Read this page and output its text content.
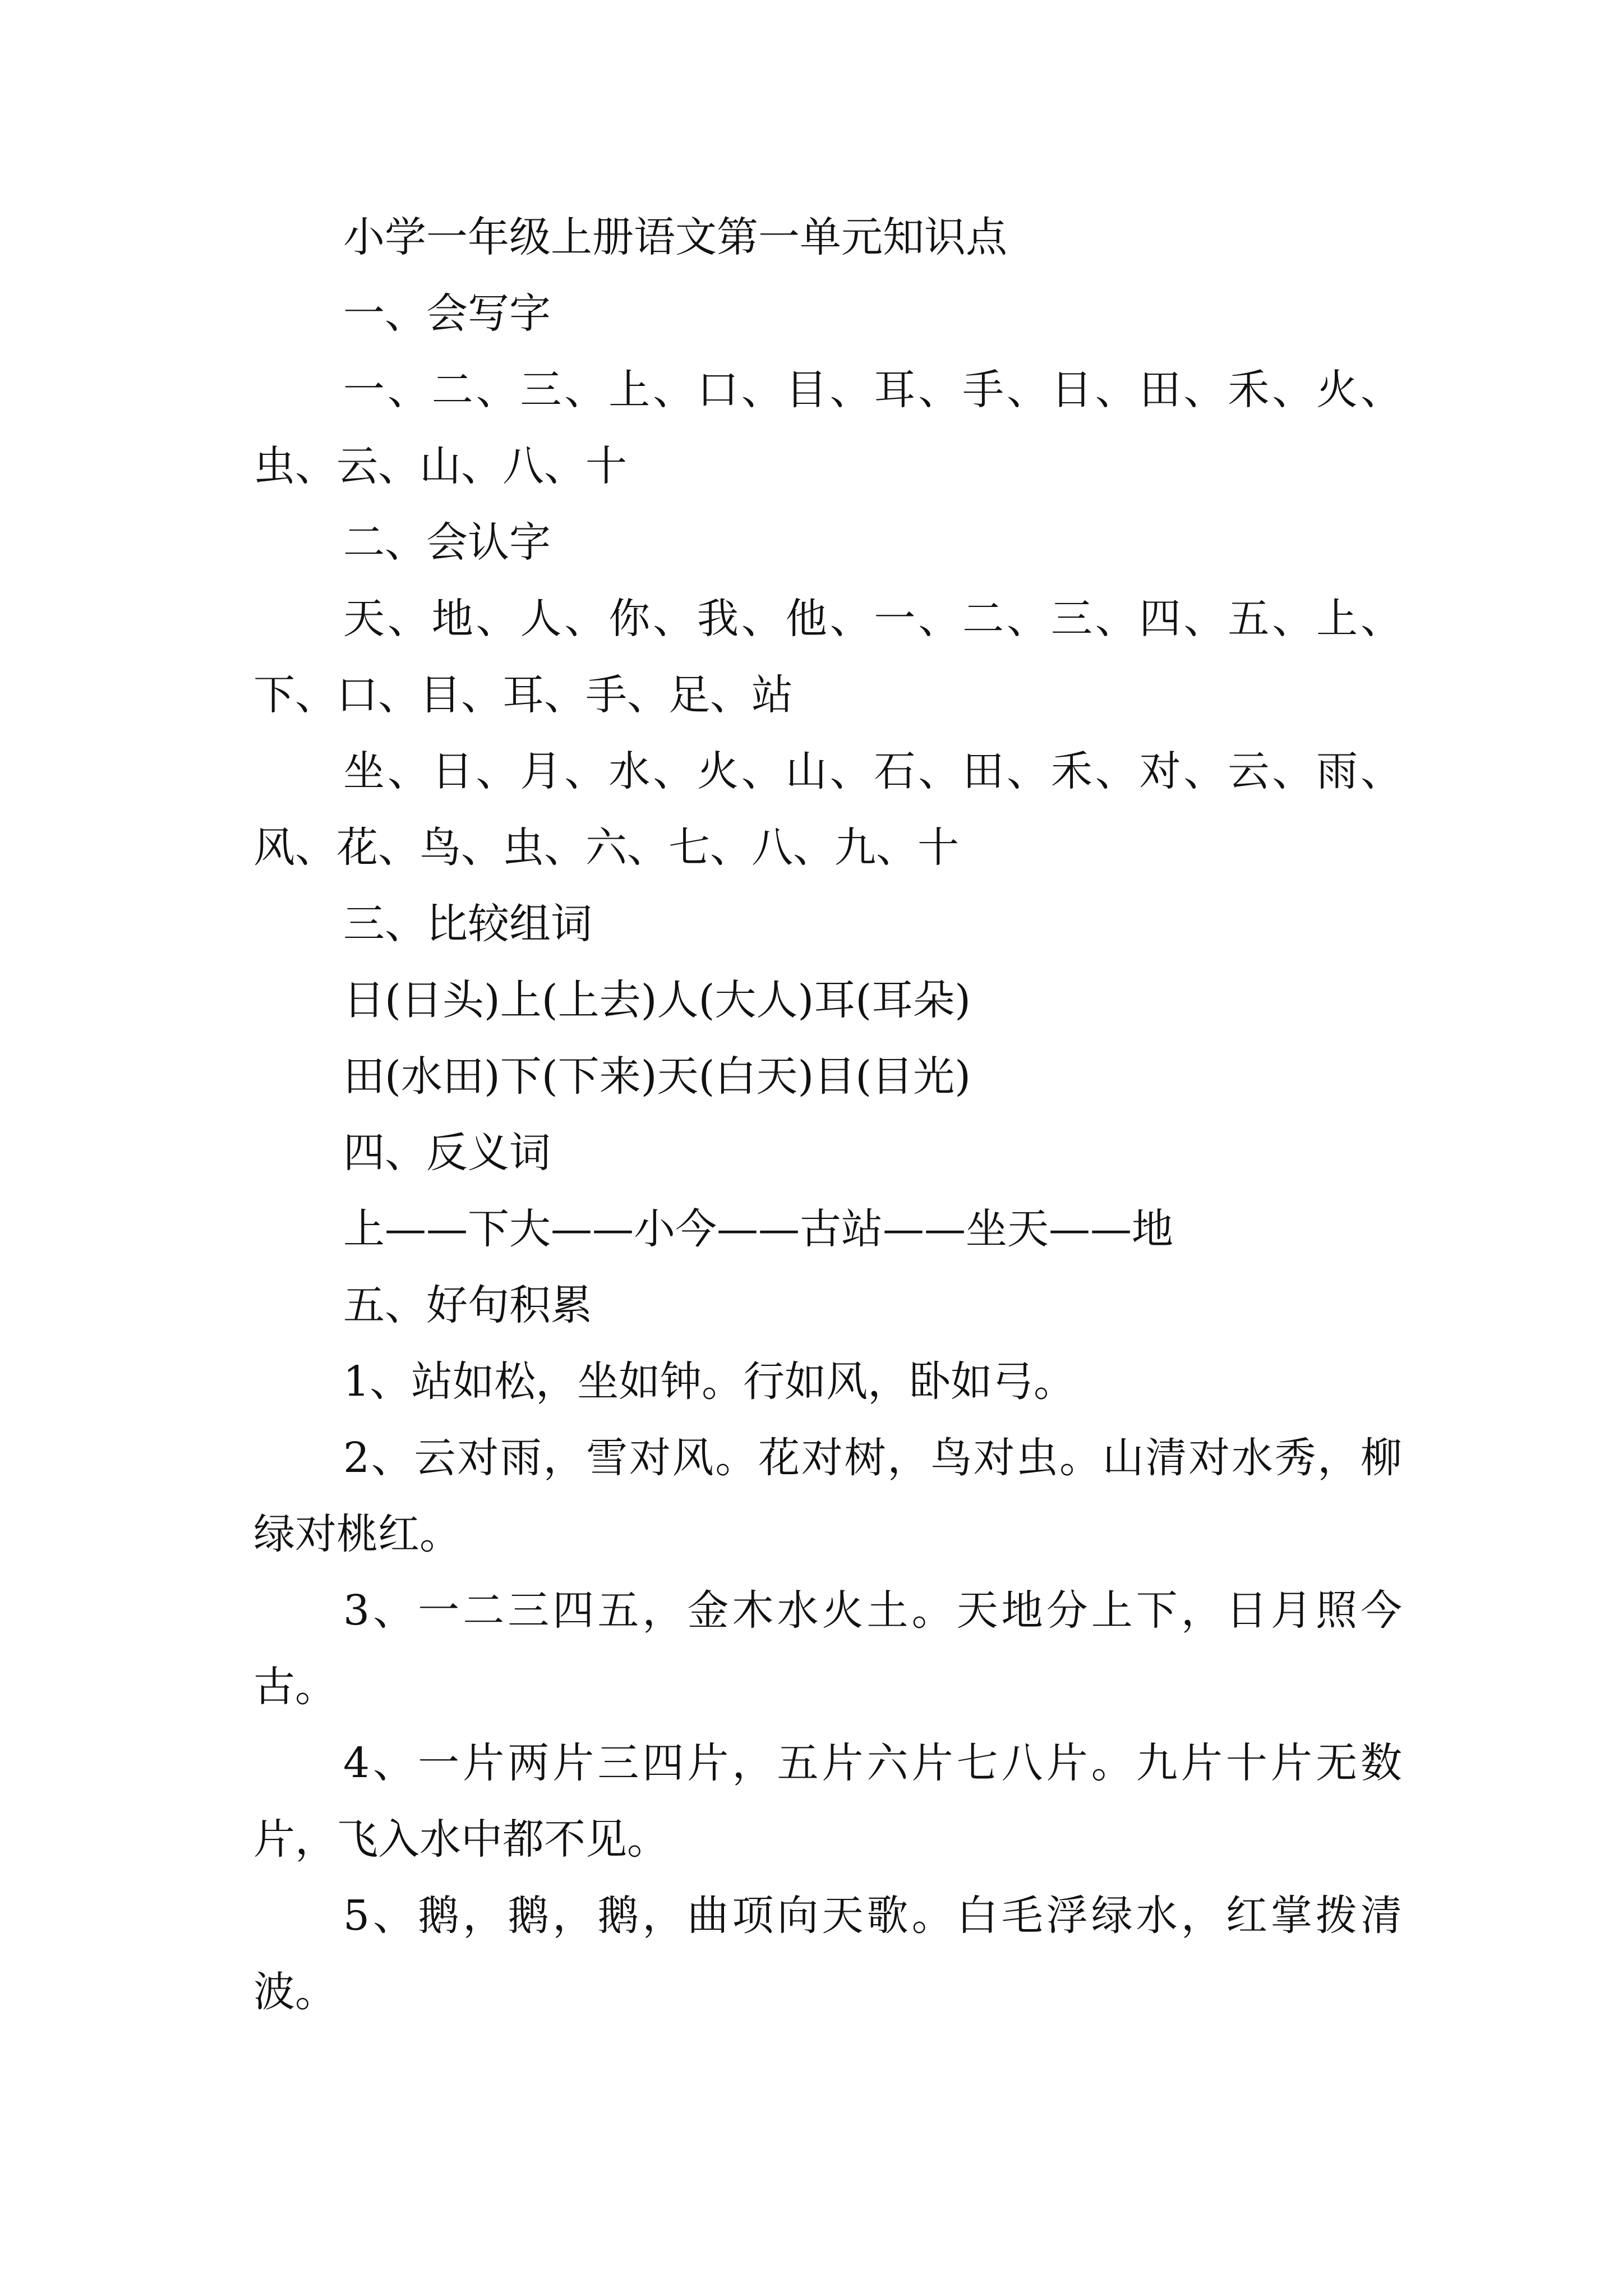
小学一年级上册语文第一单元知识点

一、会写字

一、二、三、上、口、目、耳、手、日、田、禾、火、虫、云、山、八、十

二、会认字

天、地、人、你、我、他、一、二、三、四、五、上、下、口、目、耳、手、足、站

坐、日、月、水、火、山、石、田、禾、对、云、雨、风、花、鸟、虫、六、七、八、九、十

三、比较组词

日(日头)上(上去)人(大人)耳(耳朵)

田(水田)下(下来)天(白天)目(目光)

四、反义词

上——下大——小今——古站——坐天——地

五、好句积累

1、站如松，坐如钟。行如风，卧如弓。

2、云对雨，雪对风。花对树，鸟对虫。山清对水秀，柳绿对桃红。

3、一二三四五，金木水火土。天地分上下，日月照今古。

4、一片两片三四片，五片六片七八片。九片十片无数片，飞入水中都不见。

5、鹅，鹅，鹅，曲项向天歌。白毛浮绿水，红掌拨清波。
